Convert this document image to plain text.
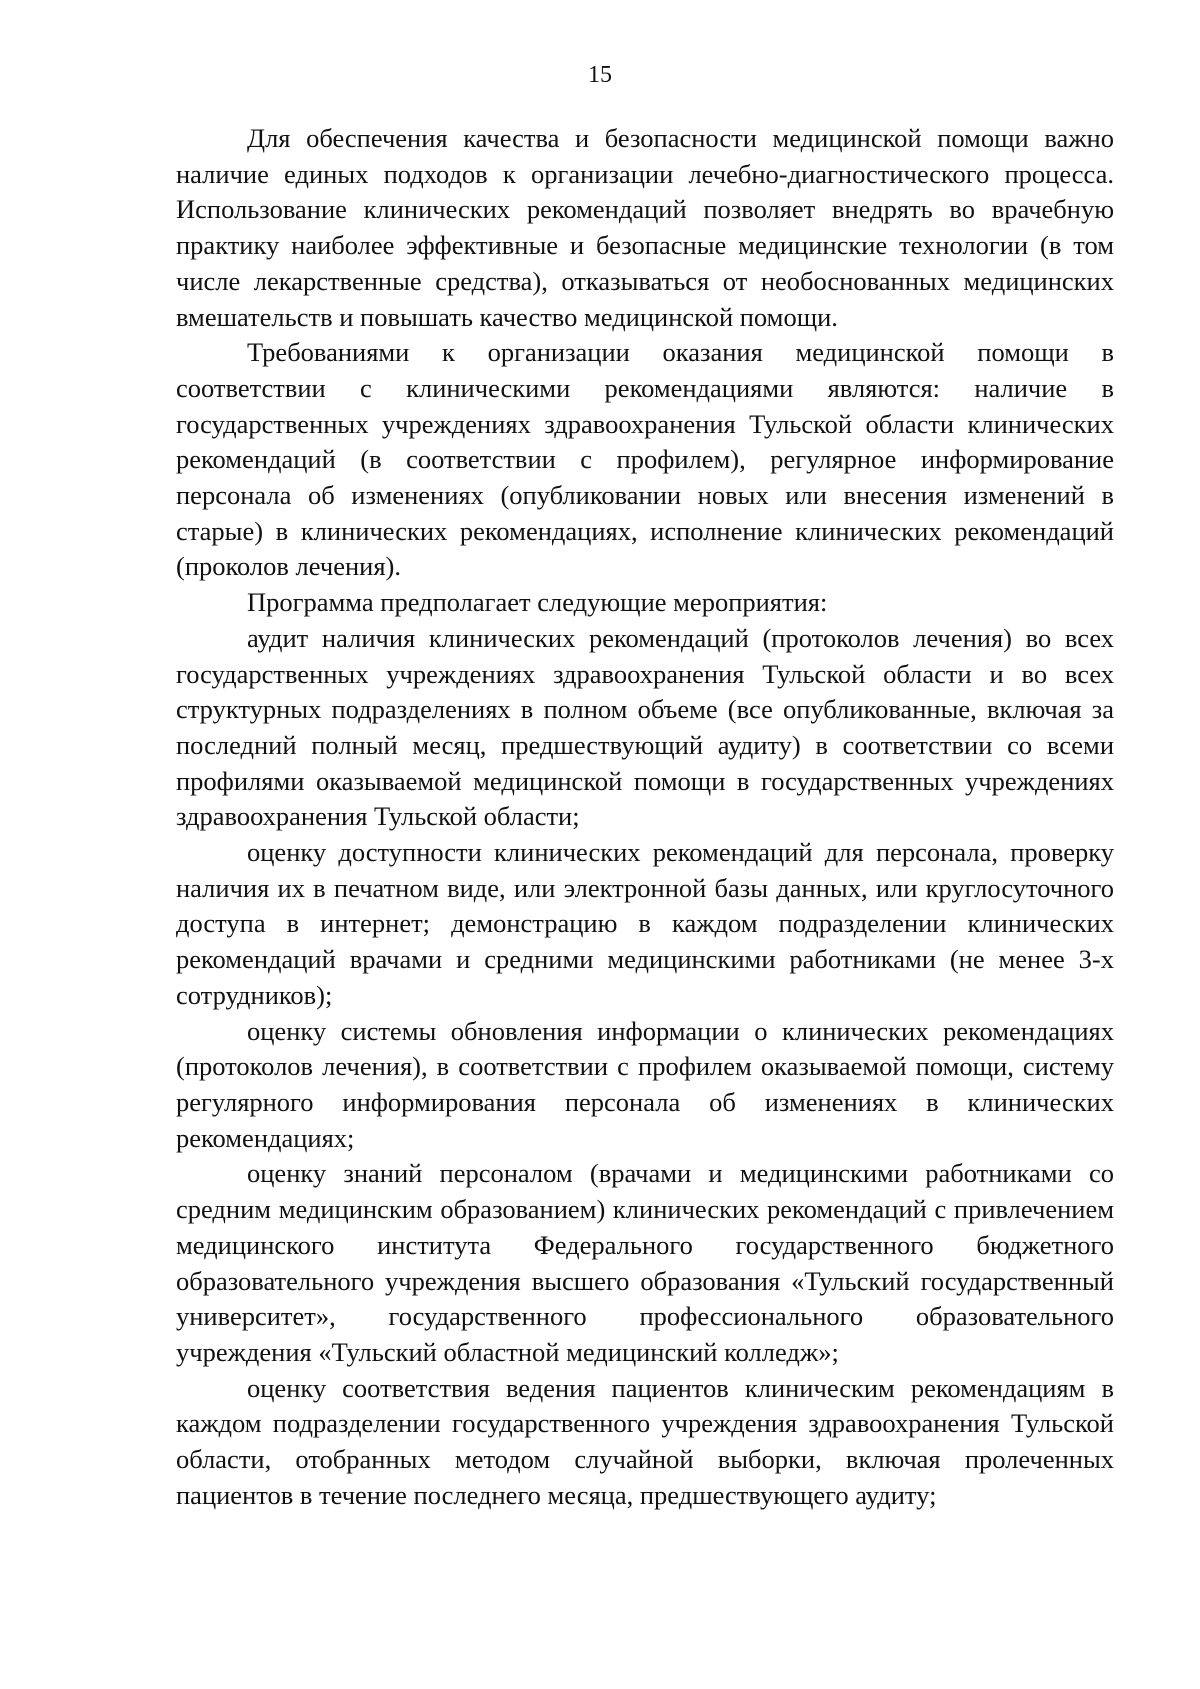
15

Для обеспечения качества и безопасности медицинской помощи важно наличие единых подходов к организации лечебно-диагностического процесса. Использование клинических рекомендаций позволяет внедрять во врачебную практику наиболее эффективные и безопасные медицинские технологии (в том числе лекарственные средства), отказываться от необоснованных медицинских вмешательств и повышать качество медицинской помощи.

Требованиями к организации оказания медицинской помощи в соответствии с клиническими рекомендациями являются: наличие в государственных учреждениях здравоохранения Тульской области клинических рекомендаций (в соответствии с профилем), регулярное информирование персонала об изменениях (опубликовании новых или внесения изменений в старые) в клинических рекомендациях, исполнение клинических рекомендаций (проколов лечения).

Программа предполагает следующие мероприятия:

аудит наличия клинических рекомендаций (протоколов лечения) во всех государственных учреждениях здравоохранения Тульской области и во всех структурных подразделениях в полном объеме (все опубликованные, включая за последний полный месяц, предшествующий аудиту) в соответствии со всеми профилями оказываемой медицинской помощи в государственных учреждениях здравоохранения Тульской области;

оценку доступности клинических рекомендаций для персонала, проверку наличия их в печатном виде, или электронной базы данных, или круглосуточного доступа в интернет; демонстрацию в каждом подразделении клинических рекомендаций врачами и средними медицинскими работниками (не менее 3-х сотрудников);

оценку системы обновления информации о клинических рекомендациях (протоколов лечения), в соответствии с профилем оказываемой помощи, систему регулярного информирования персонала об изменениях в клинических рекомендациях;

оценку знаний персоналом (врачами и медицинскими работниками со средним медицинским образованием) клинических рекомендаций с привлечением медицинского института Федерального государственного бюджетного образовательного учреждения высшего образования «Тульский государственный университет», государственного профессионального образовательного учреждения «Тульский областной медицинский колледж»;

оценку соответствия ведения пациентов клиническим рекомендациям в каждом подразделении государственного учреждения здравоохранения Тульской области, отобранных методом случайной выборки, включая пролеченных пациентов в течение последнего месяца, предшествующего аудиту;
